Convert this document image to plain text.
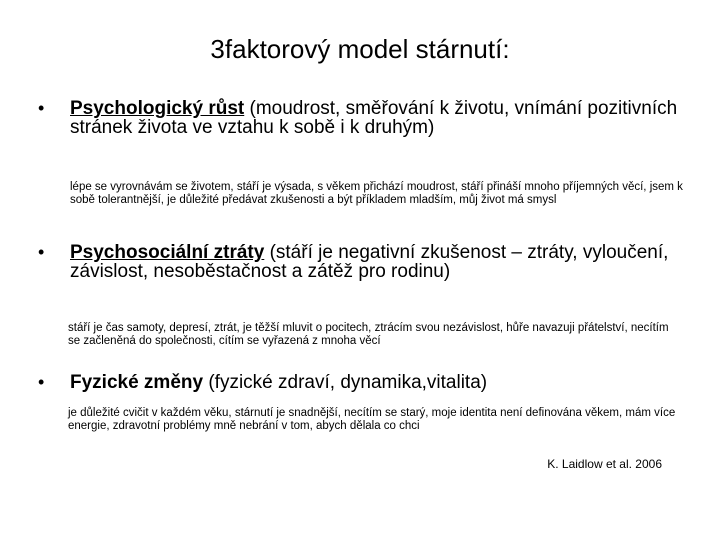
3faktorový model stárnutí:
• Psychologický růst (moudrost, směřování k životu, vnímání pozitivních stránek života ve vztahu k sobě i k druhým)
lépe se vyrovnávám se životem, stáří je výsada, s věkem přichází moudrost, stáří přináší mnoho příjemných věcí, jsem k sobě tolerantnější, je důležité předávat zkušenosti a být příkladem mladším, můj život má smysl
• Psychosociální ztráty (stáří je negativní zkušenost – ztráty, vyloučení, závislost, nesoběstačnost a zátěž pro rodinu)
stáří je čas samoty, depresí, ztrát, je těžší mluvit o pocitech, ztrácím svou nezávislost, hůře navazuji přátelství, necítím se začleněná do společnosti, cítím se vyřazená z mnoha věcí
• Fyzické změny (fyzické zdraví, dynamika,vitalita)
je důležité cvičit v každém věku, stárnutí je snadnější, necítím se starý, moje identita není definována věkem, mám více energie, zdravotní problémy mně nebrání v tom, abych dělala co chci
K. Laidlow et al. 2006
